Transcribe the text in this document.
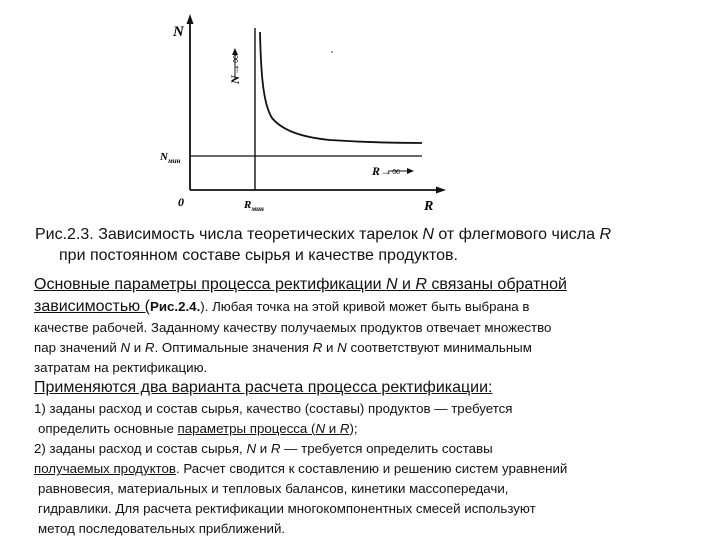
N
R
0
$N_{мин}$
$R_{мин}$
N→∞
R→∞
Рис.2.3. Зависимость числа теоретических тарелок N от флегмового числа R
при постоянном составе сырья и качестве продуктов.
Основные параметры процесса ректификации N и R связаны обратной
зависимостью (Рис.2.4.). Любая точка на этой кривой может быть выбрана в
качестве рабочей. Заданному качеству получаемых продуктов отвечает множество
пар значений N и R. Оптимальные значения R и N соответствуют минимальным
затратам на ректификацию.
Применяются два варианта расчета процесса ректификации:
1) заданы расход и состав сырья, качество (составы) продуктов — требуется
определить основные параметры процесса (N и R);
2) заданы расход и состав сырья, N и R — требуется определить составы
получаемых продуктов. Расчет сводится к составлению и решению систем уравнений
равновесия, материальных и тепловых балансов, кинетики массопередачи,
гидравлики. Для расчета ректификации многокомпонентных смесей используют
метод последовательных приближений.
